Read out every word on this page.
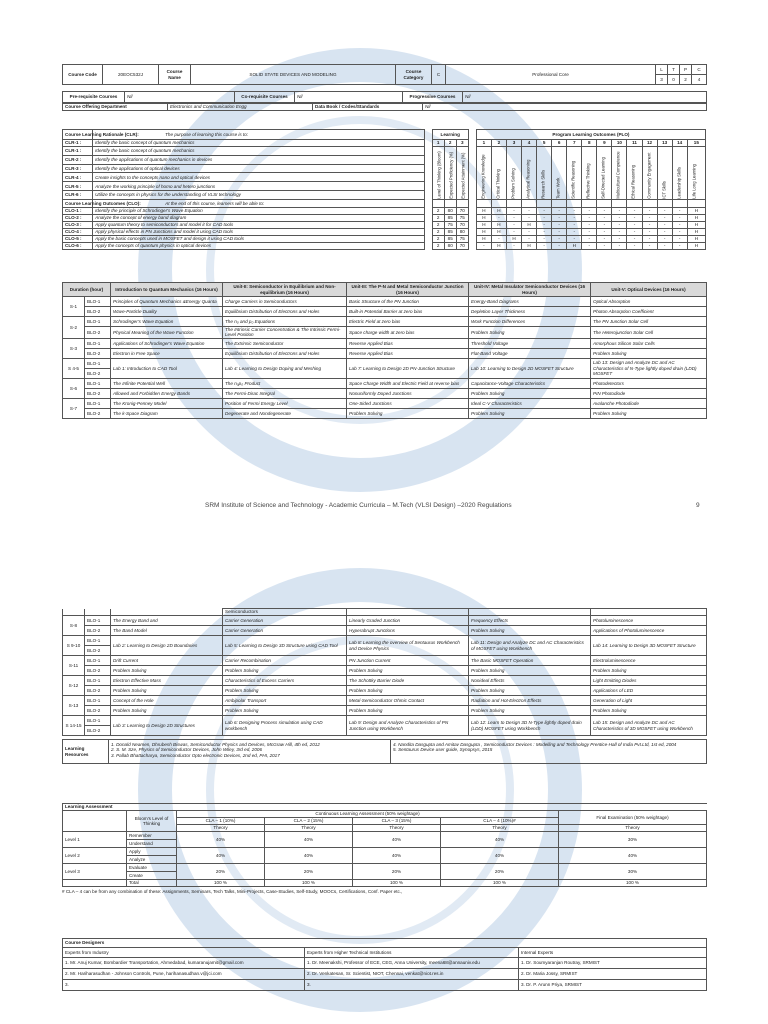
Course Code	20EOC532J	Course Name	SOLID STATE DEVICES AND MODELING	Course Category	C	Professional Core	L	T	P	C
							3	0	2	4
Pre-requisite Courses	Nil	Co-requisite Courses	Nil	Progressive Courses	Nil
Course Offering Department	Electronics and Communication Engg	Data Book / Codes/Standards	Nil
Course Learning Rationale (CLR):	The purpose of learning this course is to:		Learning				Program Learning Outcomes (PLO)														
CLR-1 :	Identify the basic concept of quantum mechanics		1	2	3		1	2	3	4	5	6	7	8	9	10	11	12	13	14	15
CLR-1 :	Identify the basic concept of quantum mechanics		Level of Thinking (Bloom)	Expected Proficiency (%)	Expected Attainment (%)		Engineering Knowledge	Critical Thinking	Problem Solving	Analytical Reasoning	Research Skills	Team Work	Scientific Reasoning	Reflective Thinking	Self-Directed Learning	Multicultural Competence	Ethical Reasoning	Community Engagement	ICT Skills	Leadership Skills	Life Long Learning

CLR-2 :	Identify the applications of quantum mechanics in devices																				
CLR-3 :	Identify the applications of optical devices																				
CLR-4 :	Create insights to the concepts nano and optical devices																				
CLR-5 :	Analyze the working principle of homo and hetero junctions																				
CLR-6 :	Utilize the concepts in physics for the understanding of VLSI technology																				
Course Learning Outcomes (CLO):	At the end of this course, learners will be able to:																				
CLO-1 :	Identify the principle of Schrodinger's Wave Equation		2	80	70		H	H	-	-	-	-	-	-	-	-	-	-	-	-	H
CLO-2 :	Analyze the concept of energy band diagram		2	85	75		H	-	-	-	-	-	-	-	-	-	-	-	-	-	H
CLO-3 :	Apply quantum theory to semiconductors and model it for CAD tools		2	75	70		H	H	-	H	-	-	-	-	-	-	-	-	-	-	H
CLO-4 :	Apply physical effects in PN Junctions and model it using CAD tools		2	85	80		H	H	-	-	-	-	-	-	-	-	-	-	-	-	H
CLO-5 :	Apply the basic concepts used in MOSFET and design it using CAD tools		2	85	75		H	-	H	-	-	-	-	-	-	-	-	-	-	-	H
CLO-6 :	Apply the concepts of quantum physics in optical devices		2	80	70		-	H	-	H	-	-	H	-	-	-	-	-	-	-	H
Duration (hour)		Introduction to Quantum Mechanics (16 Hours)	Unit-II: Semiconductor in Equilibrium and Non-equilibrium (16 Hours)	Unit-III: The P-N and Metal Semiconductor Junction (16 Hours)	Unit-IV: Metal Insulator Semiconductor Devices (16 Hours)	Unit-V: Optical Devices (16 Hours)
S-1	BLO-1	Principles of Quantum Mechanics &Energy Quanta	Charge Carriers in Semiconductors	Basic Structure of the PN Junction	Energy-Band Diagrams	Optical Absorption
	BLO-2	Wave-Particle Duality	Equilibrium Distribution of Electrons and Holes	Built-in Potential Barrier at zero bias	Depletion Layer Thickness	Photon Absorption Coefficient
S-2	BLO-1	Schrodinger's Wave Equation	The n₀ and p₀ Equations	Electric Field at zero bias	Work Function Differences	The PN Junction Solar Cell
	BLO-2	Physical Meaning of the Wave Function	The Intrinsic Carrier Concentration & The Intrinsic Fermi-Level Position	Space charge width at zero bias	Problem Solving	The Heterojunction Solar Cell
S-3	BLO-1	Applications of Schrodinger's Wave Equation	The Extrinsic Semiconductor	Reverse Applied Bias	Threshold Voltage	Amorphous Silicon Solar Cells
	BLO-2	Electron in Free Space	Equilibrium Distribution of Electrons and Holes	Reverse Applied Bias	Flat-Band Voltage	Problem Solving
S 4-5	BLO-1	Lab 1: Introduction to CAD Tool	Lab 4: Learning to Design Doping and Meshing	Lab 7: Learning to Design 2D PN-Junction Structure	Lab 10: Learning to Design 2D MOSFET Structure	Lab 13: Design and Analyze DC and AC Characteristics of N-Type lightly doped drain (LDD) MOSFET
	BLO-2					
S-6	BLO-1	The Infinite Potential Well	The n₀p₀ Product	Space Charge Width and Electric Field at reverse bias	Capacitance-Voltage Characteristics	Photodetectors
	BLO-2	Allowed and Forbidden Energy Bands	The Fermi-Dirac Integral	Nonuniformly Doped Junctions	Problem Solving	PIN Photodiode
S-7	BLO-1	The Kronig-Penney Model	Position of Fermi Energy Level	One-Sided Junctions	Ideal C-V Characteristics	Avalanche Photodiode
	BLO-2	The k-Space Diagram	Degenerate and Nondegenerate	Problem Solving	Problem Solving	Problem Solving
SRM Institute of Science and Technology - Academic Curricula – M.Tech (VLSI Design) –2020 Regulations	9
			Semiconductors			
S-8	BLO-1	The Energy Band and	Carrier Generation	Linearly Graded Junction	Frequency Effects	Photoluminescence
	BLO-2	The Band Model	Carrier Generation	Hyperabrupt Junctions	Problem Solving	Applications of Photoluminescence
S 9-10	BLO-1	Lab 2: Learning to Design 2D Boundaries	Lab 5: Learning to Design 3D Structure using CAD Tool	Lab 8: Learning the overview of Sentaurus Workbench and Device Physics	Lab 11: Design and Analyze DC and AC Characteristics of MOSFET using Workbench	Lab 14: Learning to Design 3D MOSFET Structure
	BLO-2					
S-11	BLO-1	Drift Current	Carrier Recombination	PN Junction Current	The Basic MOSFET Operation	Electroluminescence
	BLO-2	Problem Solving	Problem Solving	Problem Solving	Problem Solving	Problem Solving
S-12	BLO-1	Electron Effective Mass	Characteristics of Excess Carriers	The Schottky Barrier Diode	Nonideal Effects	Light Emitting Diodes
	BLO-2	Problem Solving	Problem Solving	Problem Solving	Problem Solving	Applications of LED
S-13	BLO-1	Concept of the Hole	Ambipolar Transport	Metal-Semiconductor Ohmic Contact	Radiation and Hot-Electron Effects	Generation of Light
	BLO-2	Problem Solving	Problem Solving	Problem Solving	Problem Solving	Problem Solving
S 14-15	BLO-1	Lab 3: Learning to Design 2D Structures	Lab 6: Designing Process simulation using CAD workbench	Lab 9: Design and Analyze Characteristics of PN Junction using Workbench	Lab 12: Learn to Design 3D N-Type lightly doped drain (LDD) MOSFET using Workbench	Lab 15: Design and Analyze DC and AC Characteristics of 3D MOSFET using Workbench
	BLO-2					
Learning Resources	
1. Donald Neamen, Dhrubesh Biswas, Semiconductor Physics and Devices, McGraw Hill, 4th ed, 2012
2. S. M. Sze, Physics of Semiconductor Devices, John Wiley, 3rd ed, 2006
3. Pallab Bhattacharya, Semiconductor Opto electronic Devices, 2nd ed, PHI, 2017

4. Nandita Dasgupta and Amitav Dasgupta , Semiconductor Devices : Modelling and Technology Prentice-Hall of India Pvt.Ltd, 1st ed, 2004
5. Sentaurus Device user guide, Synopsys, 2015
Learning Assessment						
	Bloom's Level of Thinking	Continuous Learning Assessment (50% weightage)				Final Examination (50% weightage)
		CLA – 1 (10%)	CLA – 2 (15%)	CLA – 3 (15%)	CLA – 4 (10%)#	
		Theory	Theory	Theory	Theory	Theory
Level 1	Remember	40%	40%	40%	40%	30%
	Understand					
Level 2	Apply	40%	40%	40%	40%	40%
	Analyze					
Level 3	Evaluate	20%	20%	20%	20%	30%
	Create					
	Total	100 %	100 %	100 %	100 %	100 %
# CLA – 4 can be from any combination of these: Assignments, Seminars, Tech Talks, Mini-Projects, Case-Studies, Self-Study, MOOCs, Certifications, Conf. Paper etc.,
Course Designers		
Experts from Industry	Experts from Higher Technical Institutions	Internal Experts
1. Mr. Anuj Kumar, Bombardier Transportation, Ahmedabad, kumaranujamit@gmail.com	1. Dr. Meenakshi, Professor of ECE, CEG, Anna University, meena68@annauniv.edu	1. Dr. Soumyaranjan Routray, SRMIST
2. Mr. Hariharasudhan - Johnson Controls, Pune, harihanasudhan.v@jci.com	2. Dr. Venkatesan, Sr. Scientist, NIOT, Chennai, venkat@niot.res.in	2. Dr. Maria Jossy, SRMIST
3.	3.	3. Dr. P. Arunn Priya, SRMIST
